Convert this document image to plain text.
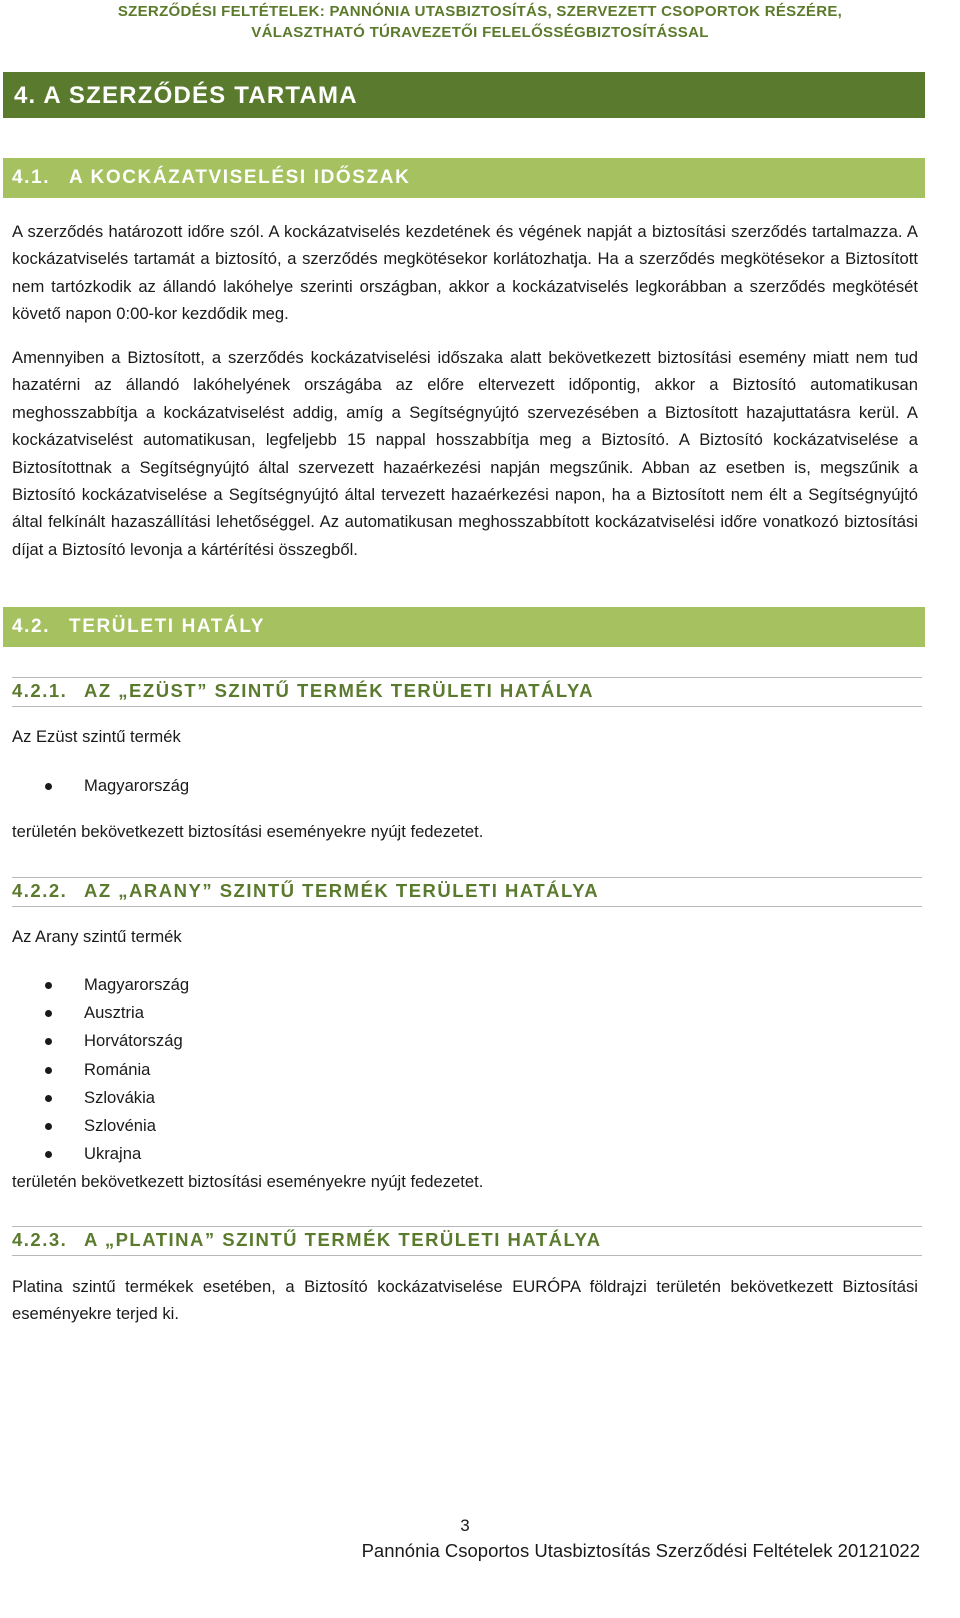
SZERZŐDÉSI FELTÉTELEK: PANNÓNIA UTASBIZTOSÍTÁS, SZERVEZETT CSOPORTOK RÉSZÉRE,
VÁLASZTHATÓ TÚRAVEZETŐI FELELŐSSÉGBIZTOSÍTÁSSAL
4. A SZERZŐDÉS TARTAMA
4.1. A KOCKÁZATVISELÉSI IDŐSZAK

A szerződés határozott időre szól. A kockázatviselés kezdetének és végének napját a biztosítási szerződés tartalmazza. A kockázatviselés tartamát a biztosító, a szerződés megkötésekor korlátozhatja. Ha a szerződés megkötésekor a Biztosított nem tartózkodik az állandó lakóhelye szerinti országban, akkor a kockázatviselés legkorábban a szerződés megkötését követő napon 0:00-kor kezdődik meg.

Amennyiben a Biztosított, a szerződés kockázatviselési időszaka alatt bekövetkezett biztosítási esemény miatt nem tud hazatérni az állandó lakóhelyének országába az előre eltervezett időpontig, akkor a Biztosító automatikusan meghosszabbítja a kockázatviselést addig, amíg a Segítségnyújtó szervezésében a Biztosított hazajuttatásra kerül. A kockázatviselést automatikusan, legfeljebb 15 nappal hosszabbítja meg a Biztosító. A Biztosító kockázatviselése a Biztosítottnak a Segítségnyújtó által szervezett hazaérkezési napján megszűnik. Abban az esetben is, megszűnik a Biztosító kockázatviselése a Segítségnyújtó által tervezett hazaérkezési napon, ha a Biztosított nem élt a Segítségnyújtó által felkínált hazaszállítási lehetőséggel. Az automatikusan meghosszabbított kockázatviselési időre vonatkozó biztosítási díjat a Biztosító levonja a kártérítési összegből.

4.2. TERÜLETI HATÁLY
4.2.1. AZ „EZÜST” SZINTŰ TERMÉK TERÜLETI HATÁLYA
Az Ezüst szintű termék
Magyarország
területén bekövetkezett biztosítási eseményekre nyújt fedezetet.
4.2.2. AZ „ARANY” SZINTŰ TERMÉK TERÜLETI HATÁLYA
Az Arany szintű termék
Magyarország
Ausztria
Horvátország
Románia
Szlovákia
Szlovénia
Ukrajna
területén bekövetkezett biztosítási eseményekre nyújt fedezetet.
4.2.3. A „PLATINA” SZINTŰ TERMÉK TERÜLETI HATÁLYA

Platina szintű termékek esetében, a Biztosító kockázatviselése EURÓPA földrajzi területén bekövetkezett Biztosítási eseményekre terjed ki.

3
Pannónia Csoportos Utasbiztosítás Szerződési Feltételek 20121022
